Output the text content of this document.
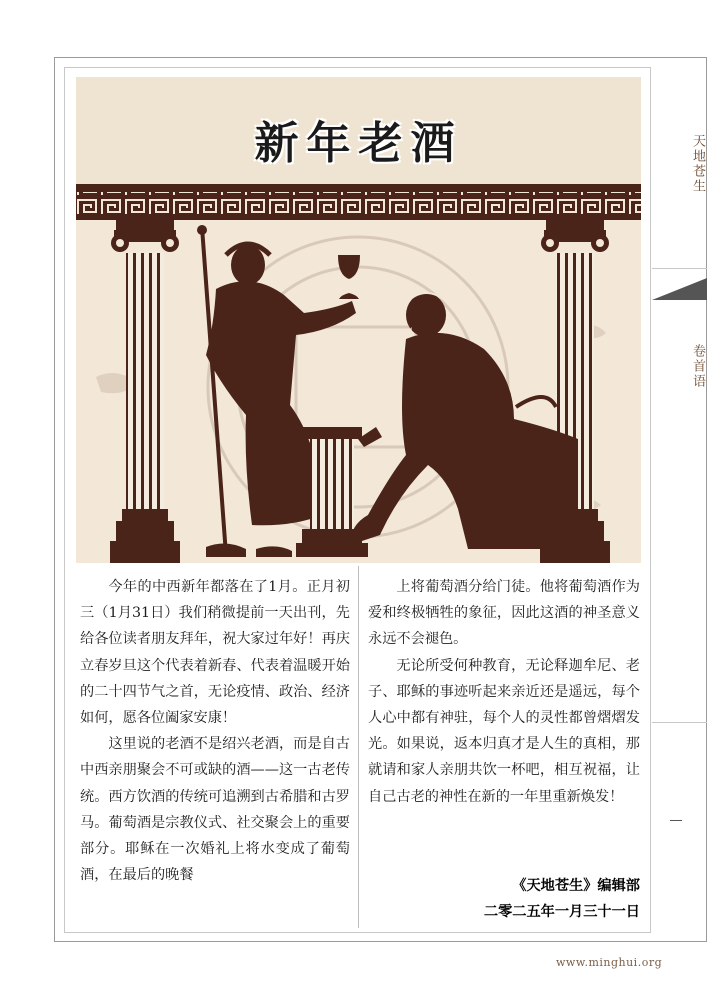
天地苍生
卷首语
新年老酒

今年的中西新年都落在了1月。正月初三（1月31日）我们稍微提前一天出刊，先给各位读者朋友拜年，祝大家过年好！再庆立春岁旦这个代表着新春、代表着温暖开始的二十四节气之首，无论疫情、政治、经济如何，愿各位阖家安康！

这里说的老酒不是绍兴老酒，而是自古中西亲朋聚会不可或缺的酒——这一古老传统。西方饮酒的传统可追溯到古希腊和古罗马。葡萄酒是宗教仪式、社交聚会上的重要部分。耶稣在一次婚礼上将水变成了葡萄酒，在最后的晚餐

上将葡萄酒分给门徒。他将葡萄酒作为爱和终极牺牲的象征，因此这酒的神圣意义永远不会褪色。

无论所受何种教育，无论释迦牟尼、老子、耶稣的事迹听起来亲近还是遥远，每个人心中都有神驻，每个人的灵性都曾熠熠发光。如果说，返本归真才是人生的真相，那就请和家人亲朋共饮一杯吧，相互祝福，让自己古老的神性在新的一年里重新焕发！

《天地苍生》编辑部

二零二五年一月三十一日

www.minghui.org
